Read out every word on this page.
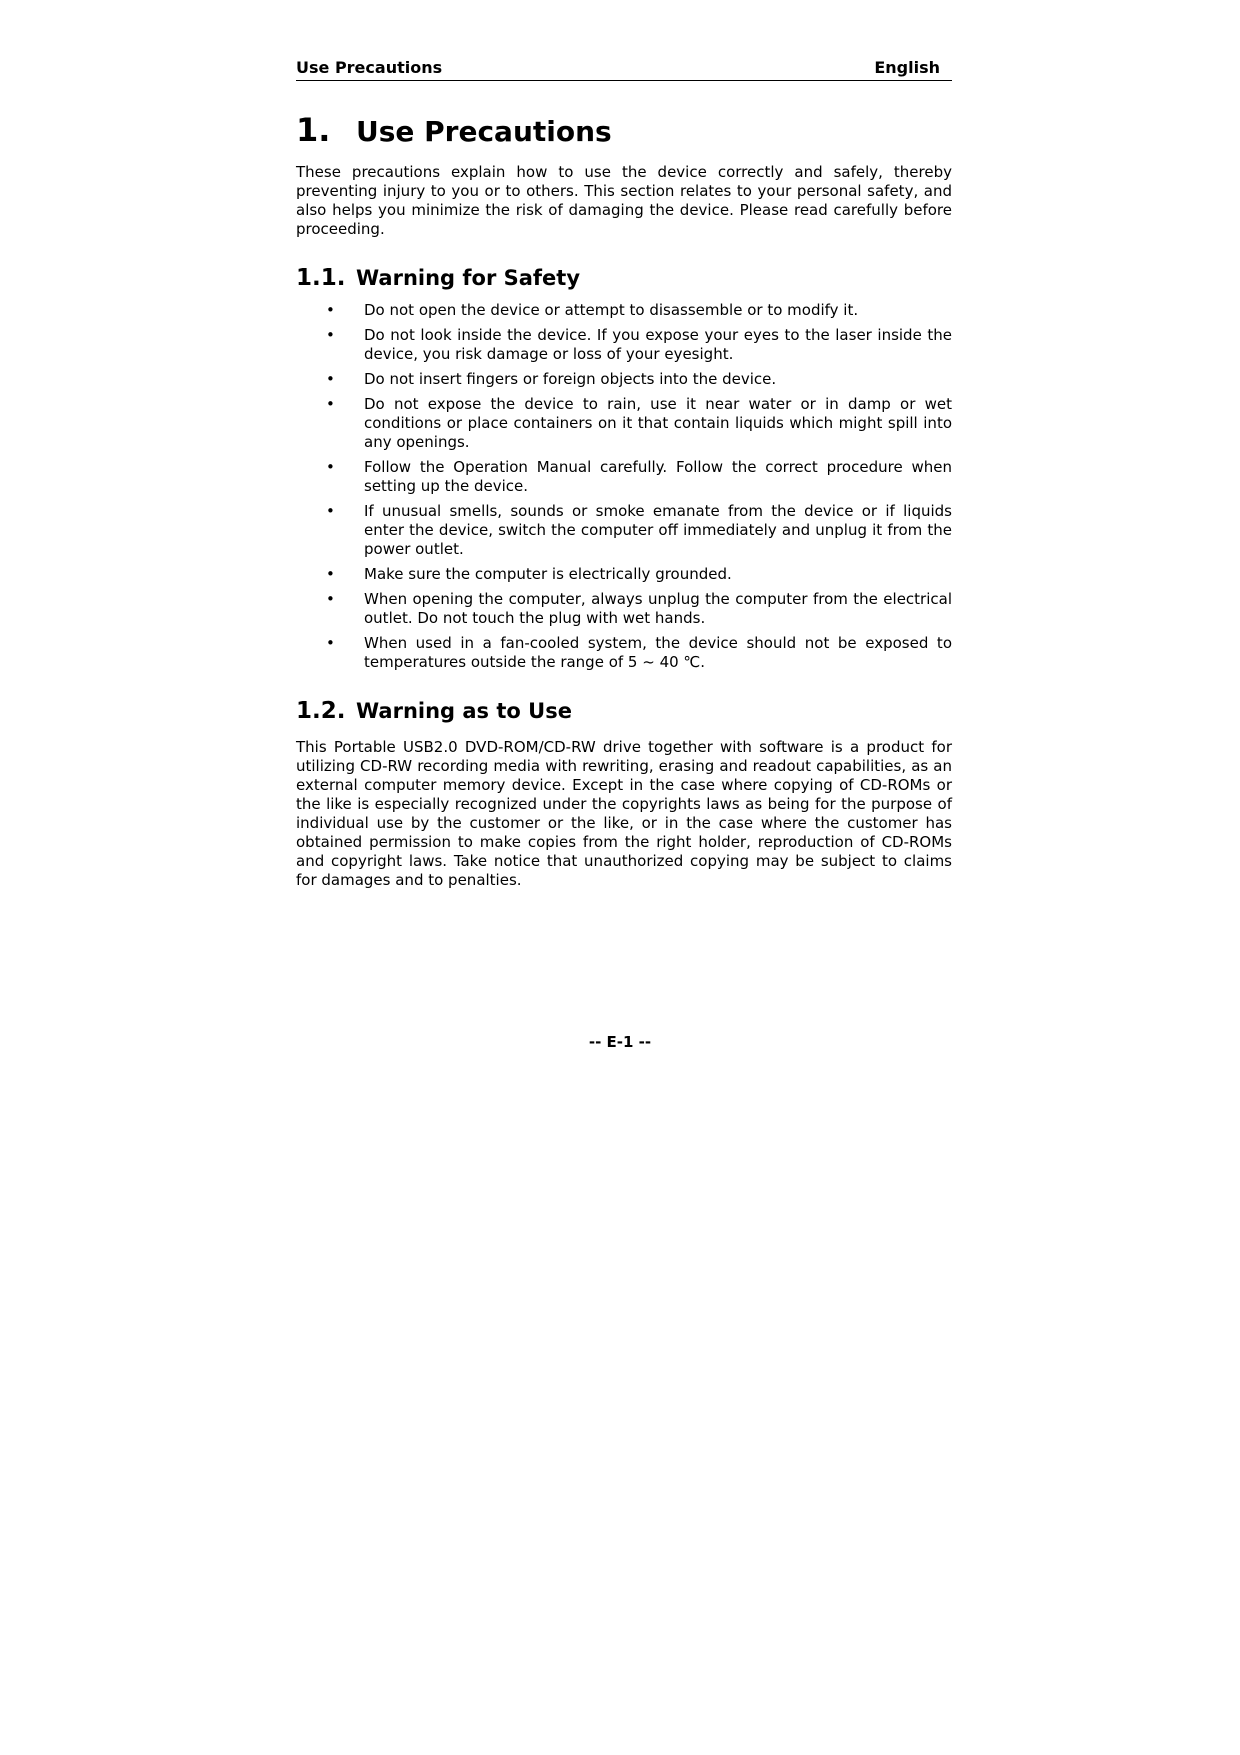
Use Precautions	English
1. Use Precautions

These precautions explain how to use the device correctly and safely, thereby preventing injury to you or to others. This section relates to your personal safety, and also helps you minimize the risk of damaging the device. Please read carefully before proceeding.

1.1. Warning for Safety
•	Do not open the device or attempt to disassemble or to modify it.
•	Do not look inside the device. If you expose your eyes to the laser inside the device, you risk damage or loss of your eyesight.
•	Do not insert fingers or foreign objects into the device.
•	Do not expose the device to rain, use it near water or in damp or wet conditions or place containers on it that contain liquids which might spill into any openings.
•	Follow the Operation Manual carefully. Follow the correct procedure when setting up the device.
•	If unusual smells, sounds or smoke emanate from the device or if liquids enter the device, switch the computer off immediately and unplug it from the power outlet.
•	Make sure the computer is electrically grounded.
•	When opening the computer, always unplug the computer from the electrical outlet. Do not touch the plug with wet hands.
•	When used in a fan-cooled system, the device should not be exposed to temperatures outside the range of 5 ~ 40 ℃.
1.2. Warning as to Use

This Portable USB2.0 DVD-ROM/CD-RW drive together with software is a product for utilizing CD-RW recording media with rewriting, erasing and readout capabilities, as an external computer memory device. Except in the case where copying of CD-ROMs or the like is especially recognized under the copyrights laws as being for the purpose of individual use by the customer or the like, or in the case where the customer has obtained permission to make copies from the right holder, reproduction of CD-ROMs and copyright laws. Take notice that unauthorized copying may be subject to claims for damages and to penalties.

-- E-1 --
